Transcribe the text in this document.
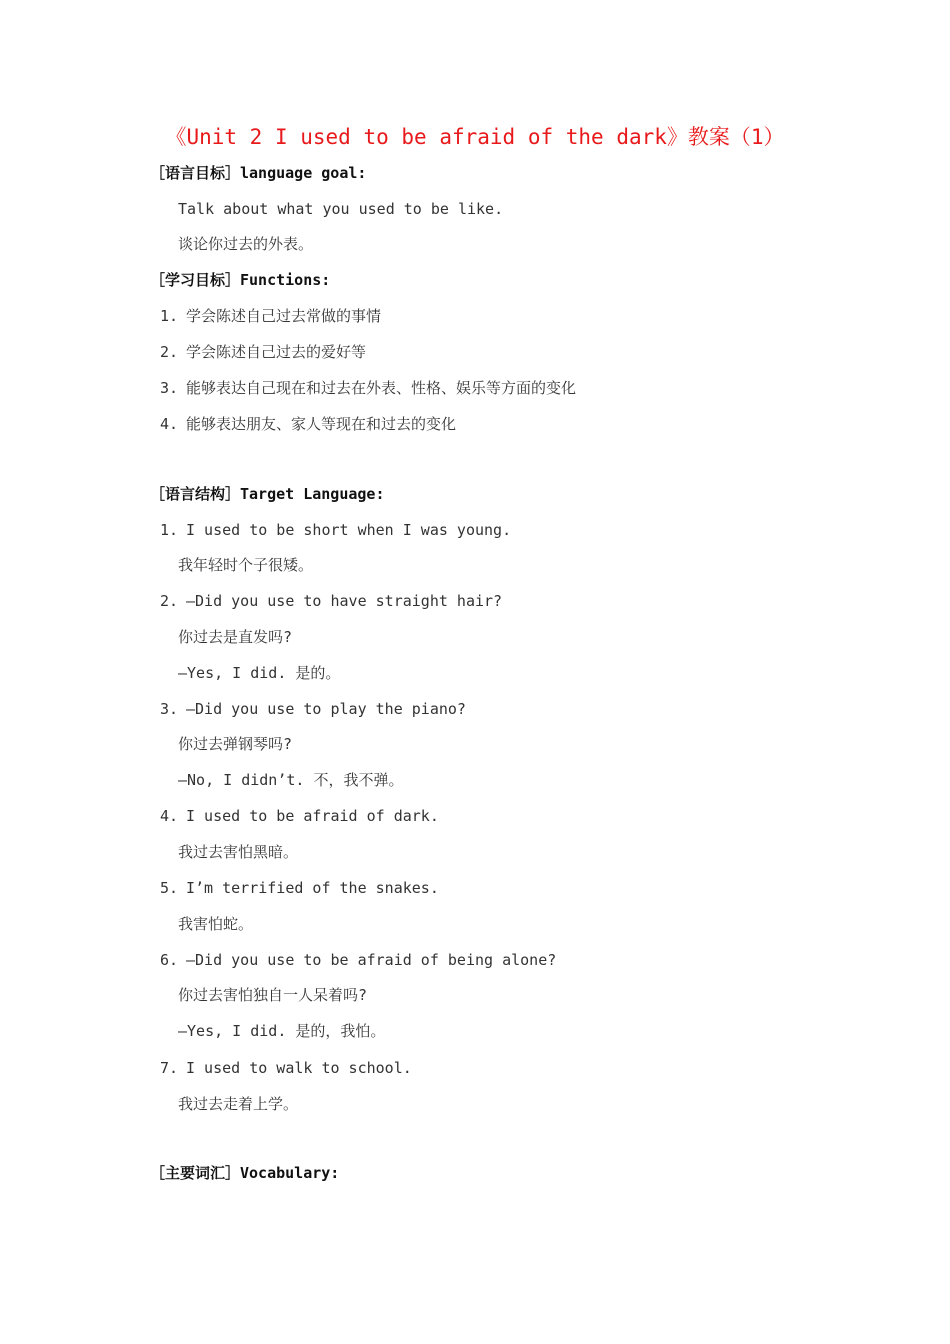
《Unit 2 I used to be afraid of the dark》教案（1）
［语言目标］language goal:
Talk about what you used to be like.
谈论你过去的外表。
［学习目标］Functions:
1. 学会陈述自己过去常做的事情
2. 学会陈述自己过去的爱好等
3. 能够表达自己现在和过去在外表、性格、娱乐等方面的变化
4. 能够表达朋友、家人等现在和过去的变化
［语言结构］Target Language:
1. I used to be short when I was young.
我年轻时个子很矮。
2. —Did you use to have straight hair?
你过去是直发吗?
—Yes, I did. 是的。
3. —Did you use to play the piano?
你过去弹钢琴吗?
—No, I didn’t. 不，我不弹。
4. I used to be afraid of dark.
我过去害怕黑暗。
5. I’m terrified of the snakes.
我害怕蛇。
6. —Did you use to be afraid of being alone?
你过去害怕独自一人呆着吗?
—Yes, I did. 是的，我怕。
7. I used to walk to school.
我过去走着上学。
［主要词汇］Vocabulary:
